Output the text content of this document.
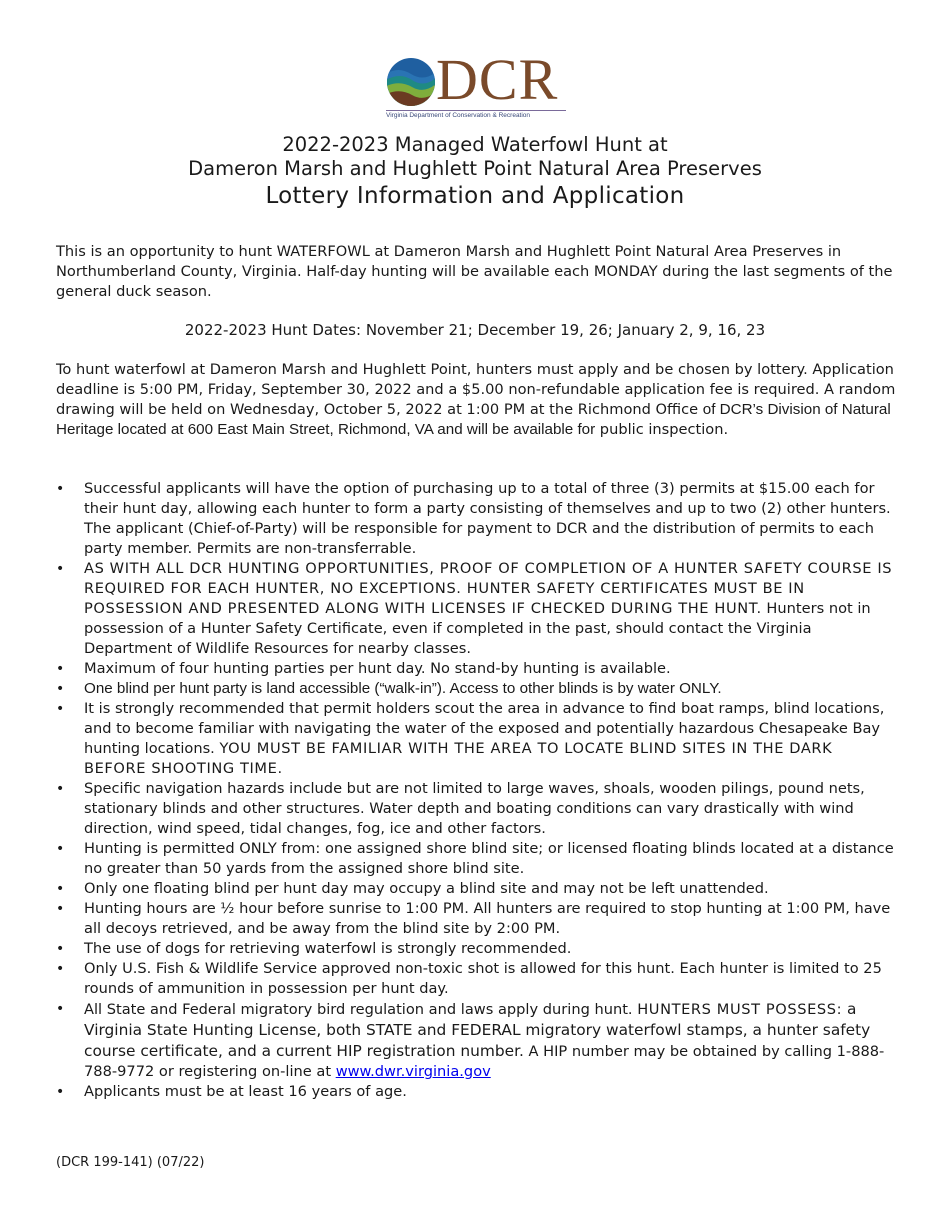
DCR
Virginia Department of Conservation & Recreation
2022-2023 Managed Waterfowl Hunt at
Dameron Marsh and Hughlett Point Natural Area Preserves
Lottery Information and Application
This is an opportunity to hunt WATERFOWL at Dameron Marsh and Hughlett Point Natural Area Preserves in Northumberland County, Virginia. Half-day hunting will be available each MONDAY during the last segments of the general duck season.
2022-2023 Hunt Dates: November 21; December 19, 26; January 2, 9, 16, 23
To hunt waterfowl at Dameron Marsh and Hughlett Point, hunters must apply and be chosen by lottery. Application deadline is 5:00 PM, Friday, September 30, 2022 and a $5.00 non-refundable application fee is required. A random drawing will be held on Wednesday, October 5, 2022 at 1:00 PM at the Richmond Office of DCR’s Division of Natural Heritage located at 600 East Main Street, Richmond, VA and will be available for public inspection.
• Successful applicants will have the option of purchasing up to a total of three (3) permits at $15.00 each for their hunt day, allowing each hunter to form a party consisting of themselves and up to two (2) other hunters. The applicant (Chief-of-Party) will be responsible for payment to DCR and the distribution of permits to each party member. Permits are non-transferrable.
• AS WITH ALL DCR HUNTING OPPORTUNITIES, PROOF OF COMPLETION OF A HUNTER SAFETY COURSE IS REQUIRED FOR EACH HUNTER, NO EXCEPTIONS. HUNTER SAFETY CERTIFICATES MUST BE IN POSSESSION AND PRESENTED ALONG WITH LICENSES IF CHECKED DURING THE HUNT. Hunters not in possession of a Hunter Safety Certificate, even if completed in the past, should contact the Virginia Department of Wildlife Resources for nearby classes.
• Maximum of four hunting parties per hunt day. No stand-by hunting is available.
• One blind per hunt party is land accessible (“walk-in”). Access to other blinds is by water ONLY.
• It is strongly recommended that permit holders scout the area in advance to find boat ramps, blind locations, and to become familiar with navigating the water of the exposed and potentially hazardous Chesapeake Bay hunting locations. YOU MUST BE FAMILIAR WITH THE AREA TO LOCATE BLIND SITES IN THE DARK BEFORE SHOOTING TIME.
• Specific navigation hazards include but are not limited to large waves, shoals, wooden pilings, pound nets, stationary blinds and other structures. Water depth and boating conditions can vary drastically with wind direction, wind speed, tidal changes, fog, ice and other factors.
• Hunting is permitted ONLY from: one assigned shore blind site; or licensed floating blinds located at a distance no greater than 50 yards from the assigned shore blind site.
• Only one floating blind per hunt day may occupy a blind site and may not be left unattended.
• Hunting hours are ½ hour before sunrise to 1:00 PM. All hunters are required to stop hunting at 1:00 PM, have all decoys retrieved, and be away from the blind site by 2:00 PM.
• The use of dogs for retrieving waterfowl is strongly recommended.
• Only U.S. Fish & Wildlife Service approved non-toxic shot is allowed for this hunt. Each hunter is limited to 25 rounds of ammunition in possession per hunt day.
• All State and Federal migratory bird regulation and laws apply during hunt. HUNTERS MUST POSSESS: a Virginia State Hunting License, both STATE and FEDERAL migratory waterfowl stamps, a hunter safety course certificate, and a current HIP registration number. A HIP number may be obtained by calling 1-888-788-9772 or registering on-line at www.dwr.virginia.gov
• Applicants must be at least 16 years of age.
(DCR 199-141) (07/22)
